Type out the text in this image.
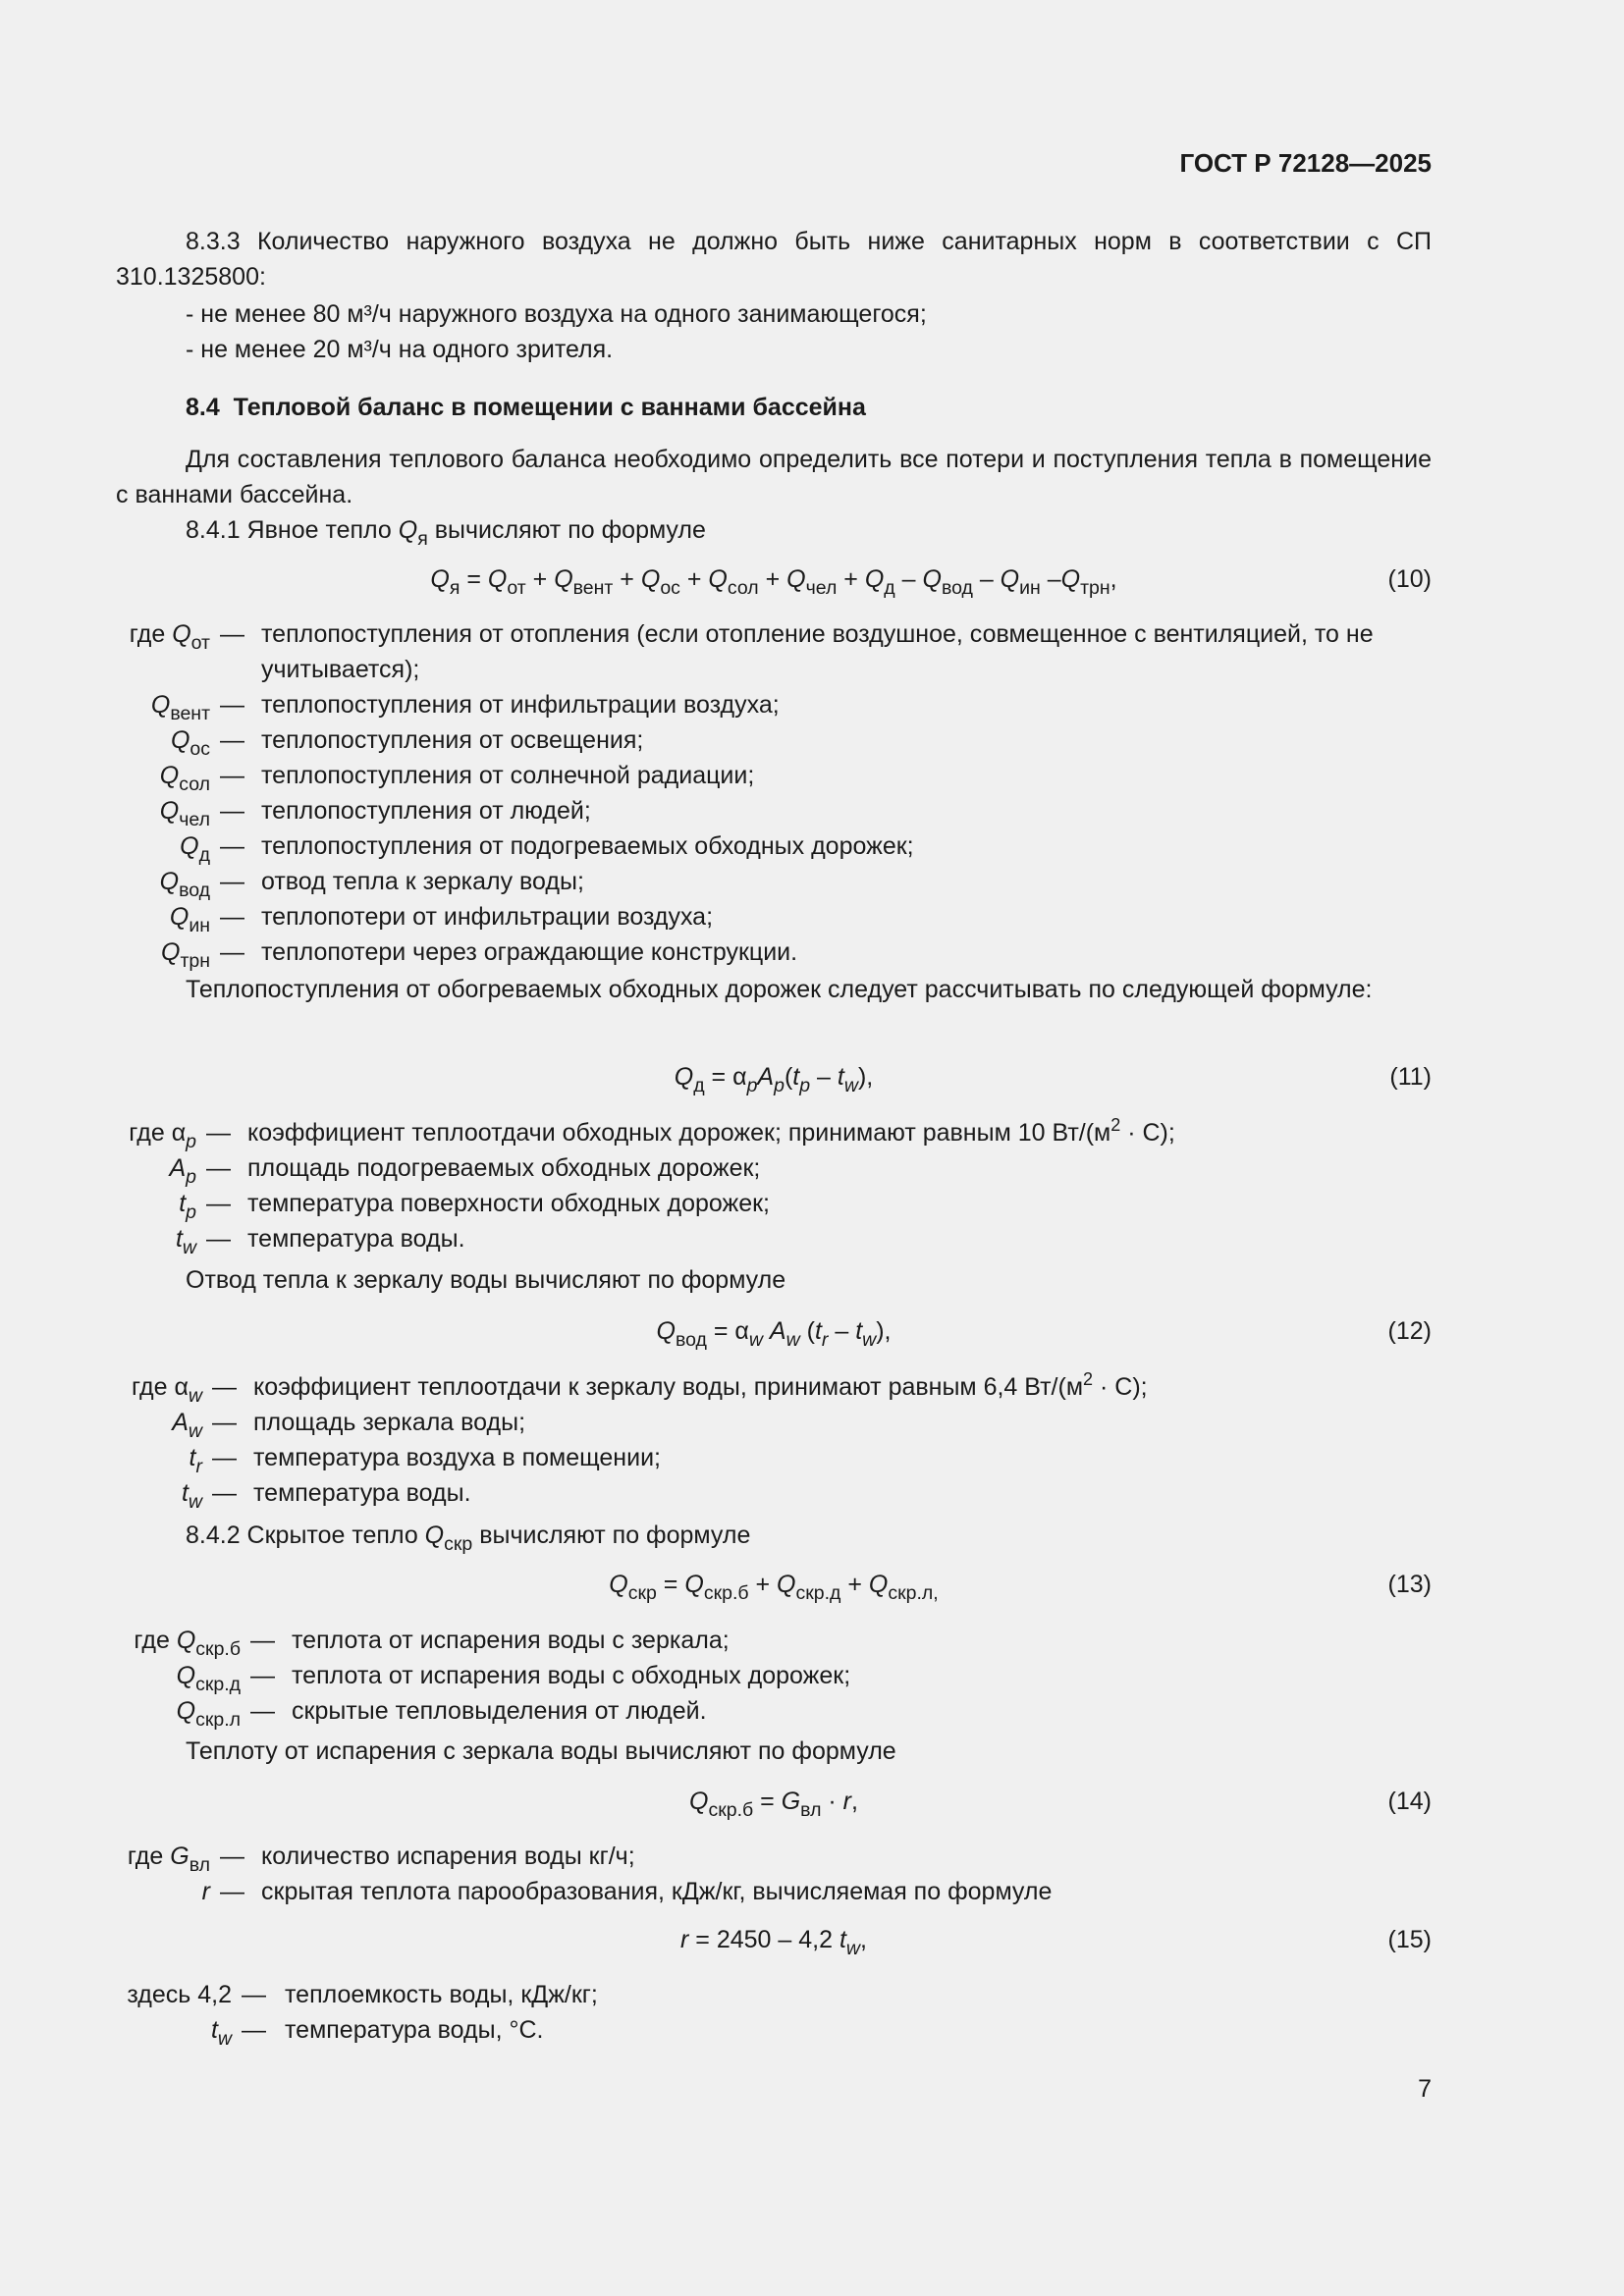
ГОСТ Р 72128—2025
8.3.3 Количество наружного воздуха не должно быть ниже санитарных норм в соответствии с СП 310.1325800:
- не менее 80 м³/ч наружного воздуха на одного занимающегося;
- не менее 20 м³/ч на одного зрителя.
8.4 Тепловой баланс в помещении с ваннами бассейна
Для составления теплового баланса необходимо определить все потери и поступления тепла в помещение с ваннами бассейна.
8.4.1 Явное тепло $Q_я$ вычисляют по формуле
$Q_я = Q_{от} + Q_{вент} + Q_{ос} + Q_{сол} + Q_{чел} + Q_д - Q_{вод} - Q_{ин}$ $-Q_{трн}$,	(10)
где $Q_{от}$ — теплопоступления от отопления (если отопление воздушное, совмещенное с вентиляцией, то не учитывается);
$Q_{вент}$ — теплопоступления от инфильтрации воздуха;
$Q_{ос}$ — теплопоступления от освещения;
$Q_{сол}$ — теплопоступления от солнечной радиации;
$Q_{чел}$ — теплопоступления от людей;
$Q_д$ — теплопоступления от подогреваемых обходных дорожек;
$Q_{вод}$ — отвод тепла к зеркалу воды;
$Q_{ин}$ — теплопотери от инфильтрации воздуха;
$Q_{трн}$ — теплопотери через ограждающие конструкции.
Теплопоступления от обогреваемых обходных дорожек следует рассчитывать по следующей формуле:
$Q_д = \alpha_pA_p(t_p - t_w)$,	(11)
где $\alpha_p$ — коэффициент теплоотдачи обходных дорожек; принимают равным 10 $Вт/(м^2 \cdot С)$;
$A_p$ — площадь подогреваемых обходных дорожек;
$t_p$ — температура поверхности обходных дорожек;
$t_w$ — температура воды.
Отвод тепла к зеркалу воды вычисляют по формуле
$Q_{вод} = \alpha_w$ $A_w$ $(t_r - t_w)$,	(12)
где $\alpha_w$ — коэффициент теплоотдачи к зеркалу воды, принимают равным 6,4 $Вт/(м^2 \cdot С)$;
$A_w$ — площадь зеркала воды;
$t_r$ — температура воздуха в помещении;
$t_w$ — температура воды.
8.4.2 Скрытое тепло $Q_{скр}$ вычисляют по формуле
$Q_{скр} = Q_{скр.б} + Q_{скр.д} + Q_{скр.л,}$	(13)
где $Q_{скр.б}$ — теплота от испарения воды с зеркала;
$Q_{скр.д}$ — теплота от испарения воды с обходных дорожек;
$Q_{скр.л}$ — скрытые тепловыделения от людей.
Теплоту от испарения с зеркала воды вычисляют по формуле
$Q_{скр.б} = G_{вл} \cdot r$,	(14)
где $G_{вл}$ — количество испарения воды кг/ч;
r — скрытая теплота парообразования, кДж/кг, вычисляемая по формуле
r = 2450 – 4,2 $t_w$,	(15)
здесь 4,2 — теплоемкость воды, кДж/кг;
$t_w$ — температура воды, °С.
7
